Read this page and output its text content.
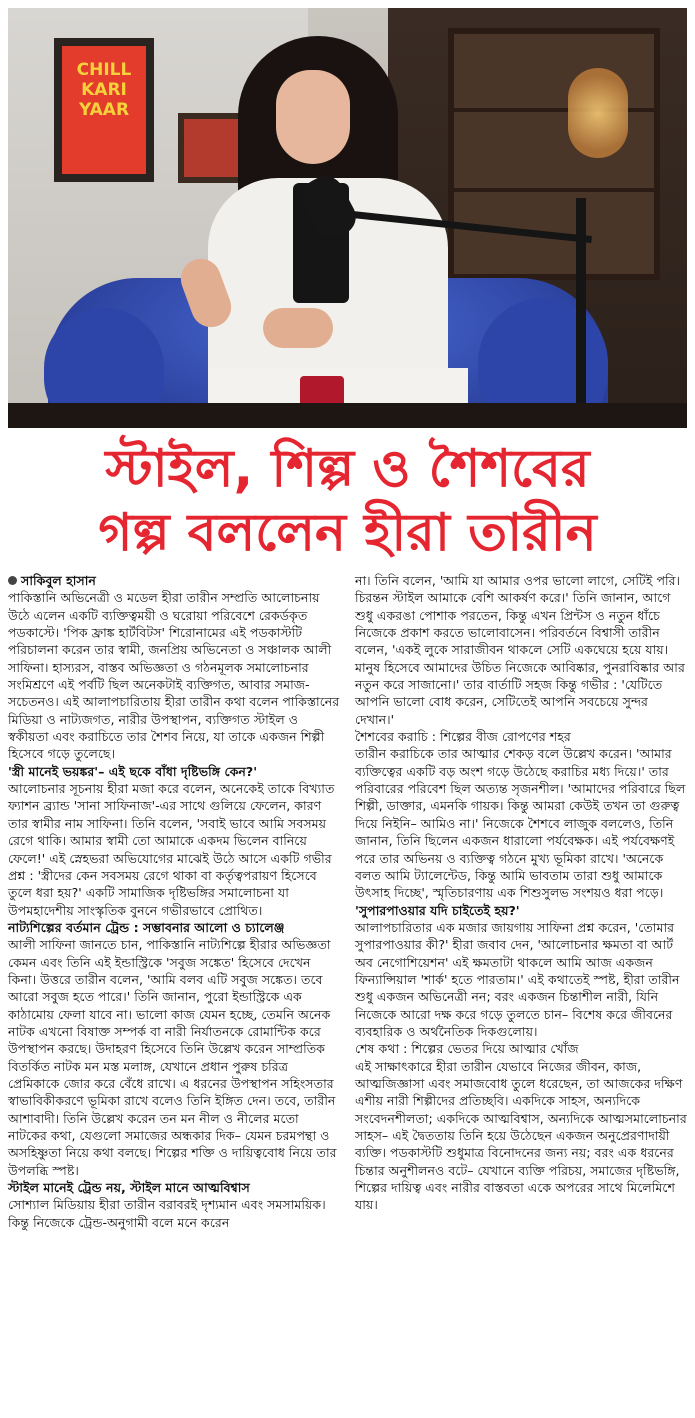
CHILL KARI YAAR
স্টাইল, শিল্প ও শৈশবের
গল্প বললেন হীরা তারীন

সাকিবুল হাসান

পাকিস্তানি অভিনেত্রী ও মডেল হীরা তারীন সম্প্রতি আলোচনায় উঠে এলেন একটি ব্যক্তিত্বময়ী ও ঘরোয়া পরিবেশে রেকর্ডকৃত পডকাস্টে। 'পিক ফ্রাঙ্ক হার্টবিটস' শিরোনামের এই পডকাস্টটি পরিচালনা করেন তার স্বামী, জনপ্রিয় অভিনেতা ও সঞ্চালক আলী সাফিনা। হাস্যরস, বাস্তব অভিজ্ঞতা ও গঠনমূলক সমালোচনার সংমিশ্রণে এই পর্বটি ছিল অনেকটাই ব্যক্তিগত, আবার সমাজ-সচেতনও। এই আলাপচারিতায় হীরা তারীন কথা বলেন পাকিস্তানের মিডিয়া ও নাট্যজগত, নারীর উপস্থাপন, ব্যক্তিগত স্টাইল ও স্বকীয়তা এবং করাচিতে তার শৈশব নিয়ে, যা তাকে একজন শিল্পী হিসেবে গড়ে তুলেছে।

'স্ত্রী মানেই ভয়ঙ্কর'– এই ছকে বাঁধা দৃষ্টিভঙ্গি কেন?'

আলোচনার সূচনায় হীরা মজা করে বলেন, অনেকেই তাকে বিখ্যাত ফ্যাশন ব্র্যান্ড 'সানা সাফিনাজ'-এর সাথে গুলিয়ে ফেলেন, কারণ তার স্বামীর নাম সাফিনা। তিনি বলেন, 'সবাই ভাবে আমি সবসময় রেগে থাকি। আমার স্বামী তো আমাকে একদম ভিলেন বানিয়ে ফেলে!' এই স্নেহভরা অভিযোগের মাঝেই উঠে আসে একটি গভীর প্রশ্ন : 'স্ত্রীদের কেন সবসময় রেগে থাকা বা কর্তৃত্বপরায়ণ হিসেবে তুলে ধরা হয়?' একটি সামাজিক দৃষ্টিভঙ্গির সমালোচনা যা উপমহাদেশীয় সাংস্কৃতিক বুননে গভীরভাবে প্রোথিত।

নাট্যশিল্পের বর্তমান ট্রেন্ড : সম্ভাবনার আলো ও চ্যালেঞ্জ

আলী সাফিনা জানতে চান, পাকিস্তানি নাট্যশিল্পে হীরার অভিজ্ঞতা কেমন এবং তিনি এই ইন্ডাস্ট্রিকে 'সবুজ সঙ্কেত' হিসেবে দেখেন কিনা। উত্তরে তারীন বলেন, 'আমি বলব এটি সবুজ সঙ্কেত। তবে আরো সবুজ হতে পারে।' তিনি জানান, পুরো ইন্ডাস্ট্রিকে এক কাঠামোয় ফেলা যাবে না। ভালো কাজ যেমন হচ্ছে, তেমনি অনেক নাটক এখনো বিষাক্ত সম্পর্ক বা নারী নির্যাতনকে রোমান্টিক করে উপস্থাপন করছে। উদাহরণ হিসেবে তিনি উল্লেখ করেন সাম্প্রতিক বিতর্কিত নাটক মন মস্ত মলাঙ্গ, যেখানে প্রধান পুরুষ চরিত্র প্রেমিকাকে জোর করে বেঁধে রাখে। এ ধরনের উপস্থাপন সহিংসতার স্বাভাবিকীকরণে ভূমিকা রাখে বলেও তিনি ইঙ্গিত দেন। তবে, তারীন আশাবাদী। তিনি উল্লেখ করেন তন মন নীল ও নীলের মতো নাটকের কথা, যেগুলো সমাজের অন্ধকার দিক– যেমন চরমপন্থা ও অসহিষ্ণুতা নিয়ে কথা বলছে। শিল্পের শক্তি ও দায়িত্ববোধ নিয়ে তার উপলব্ধি স্পষ্ট।

স্টাইল মানেই ট্রেন্ড নয়, স্টাইল মানে আত্মবিশ্বাস

সোশ্যাল মিডিয়ায় হীরা তারীন বরাবরই দৃশ্যমান এবং সমসাময়িক। কিন্তু নিজেকে ট্রেন্ড-অনুগামী বলে মনে করেন

না। তিনি বলেন, 'আমি যা আমার ওপর ভালো লাগে, সেটিই পরি। চিরন্তন স্টাইল আমাকে বেশি আকর্ষণ করে।' তিনি জানান, আগে শুধু একরঙা পোশাক পরতেন, কিন্তু এখন প্রিন্টস ও নতুন ধাঁচে নিজেকে প্রকাশ করতে ভালোবাসেন। পরিবর্তনে বিশ্বাসী তারীন বলেন, 'একই লুকে সারাজীবন থাকলে সেটি একঘেয়ে হয়ে যায়। মানুষ হিসেবে আমাদের উচিত নিজেকে আবিষ্কার, পুনরাবিষ্কার আর নতুন করে সাজানো।' তার বার্তাটি সহজ কিন্তু গভীর : 'যেটিতে আপনি ভালো বোধ করেন, সেটিতেই আপনি সবচেয়ে সুন্দর দেখান।'

শৈশবের করাচি : শিল্পের বীজ রোপণের শহর

তারীন করাচিকে তার আত্মার শেকড় বলে উল্লেখ করেন। 'আমার ব্যক্তিত্বের একটি বড় অংশ গড়ে উঠেছে করাচির মধ্য দিয়ে।' তার পরিবারের পরিবেশ ছিল অত্যন্ত সৃজনশীল। 'আমাদের পরিবারে ছিল শিল্পী, ডাক্তার, এমনকি গায়ক। কিন্তু আমরা কেউই তখন তা গুরুত্ব দিয়ে নিইনি– আমিও না।' নিজেকে শৈশবে লাজুক বললেও, তিনি জানান, তিনি ছিলেন একজন ধারালো পর্যবেক্ষক। এই পর্যবেক্ষণই পরে তার অভিনয় ও ব্যক্তিত্ব গঠনে মুখ্য ভূমিকা রাখে। 'অনেকে বলত আমি ট্যালেন্টেড, কিন্তু আমি ভাবতাম তারা শুধু আমাকে উৎসাহ দিচ্ছে', স্মৃতিচারণায় এক শিশুসুলভ সংশয়ও ধরা পড়ে।

'সুপারপাওয়ার যদি চাইতেই হয়?'

আলাপচারিতার এক মজার জায়গায় সাফিনা প্রশ্ন করেন, 'তোমার সুপারপাওয়ার কী?' হীরা জবাব দেন, 'আলোচনার ক্ষমতা বা আর্ট অব নেগোশিয়েশন' এই ক্ষমতাটা থাকলে আমি আজ একজন ফিন্যান্সিয়াল 'শার্ক' হতে পারতাম।' এই কথাতেই স্পষ্ট, হীরা তারীন শুধু একজন অভিনেত্রী নন; বরং একজন চিন্তাশীল নারী, যিনি নিজেকে আরো দক্ষ করে গড়ে তুলতে চান– বিশেষ করে জীবনের ব্যবহারিক ও অর্থনৈতিক দিকগুলোয়।

শেষ কথা : শিল্পের ভেতর দিয়ে আত্মার খোঁজ

এই সাক্ষাৎকারে হীরা তারীন যেভাবে নিজের জীবন, কাজ, আত্মজিজ্ঞাসা এবং সমাজবোধ তুলে ধরেছেন, তা আজকের দক্ষিণ এশীয় নারী শিল্পীদের প্রতিচ্ছবি। একদিকে সাহস, অন্যদিকে সংবেদনশীলতা; একদিকে আত্মবিশ্বাস, অন্যদিকে আত্মসমালোচনার সাহস– এই দ্বৈততায় তিনি হয়ে উঠেছেন একজন অনুপ্রেরণাদায়ী ব্যক্তি। পডকাস্টটি শুধুমাত্র বিনোদনের জন্য নয়; বরং এক ধরনের চিন্তার অনুশীলনও বটে– যেখানে ব্যক্তি পরিচয়, সমাজের দৃষ্টিভঙ্গি, শিল্পের দায়িত্ব এবং নারীর বাস্তবতা একে অপরের সাথে মিলেমিশে যায়।
